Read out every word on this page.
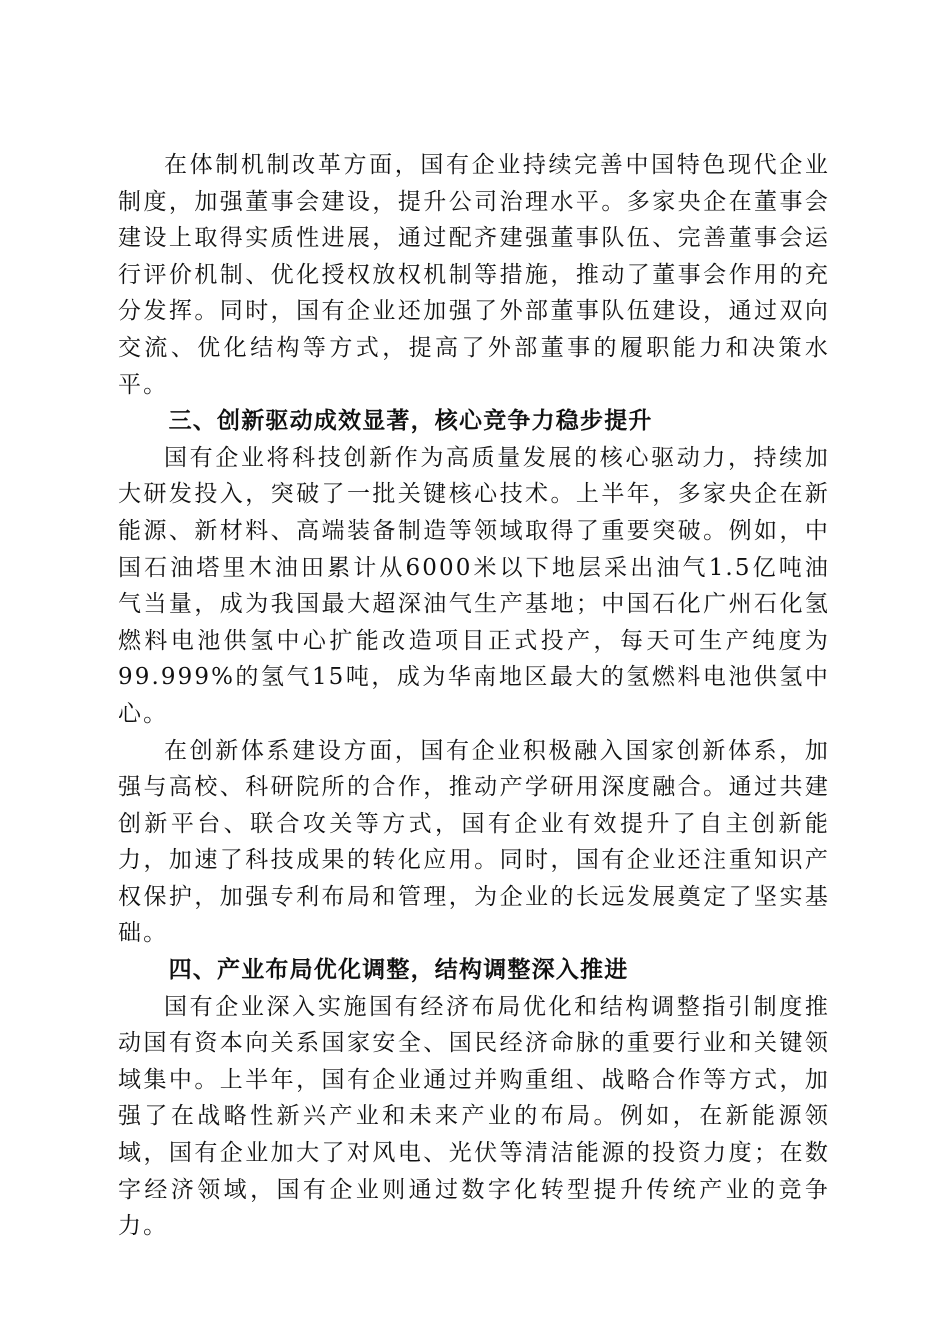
在体制机制改革方面，国有企业持续完善中国特色现代企业制度，加强董事会建设，提升公司治理水平。多家央企在董事会建设上取得实质性进展，通过配齐建强董事队伍、完善董事会运行评价机制、优化授权放权机制等措施，推动了董事会作用的充分发挥。同时，国有企业还加强了外部董事队伍建设，通过双向交流、优化结构等方式，提高了外部董事的履职能力和决策水平。

三、创新驱动成效显著，核心竞争力稳步提升

国有企业将科技创新作为高质量发展的核心驱动力，持续加大研发投入，突破了一批关键核心技术。上半年，多家央企在新能源、新材料、高端装备制造等领域取得了重要突破。例如，中国石油塔里木油田累计从6000米以下地层采出油气1.5亿吨油气当量，成为我国最大超深油气生产基地；中国石化广州石化氢燃料电池供氢中心扩能改造项目正式投产，每天可生产纯度为99.999%的氢气15吨，成为华南地区最大的氢燃料电池供氢中心。

在创新体系建设方面，国有企业积极融入国家创新体系，加强与高校、科研院所的合作，推动产学研用深度融合。通过共建创新平台、联合攻关等方式，国有企业有效提升了自主创新能力，加速了科技成果的转化应用。同时，国有企业还注重知识产权保护，加强专利布局和管理，为企业的长远发展奠定了坚实基础。

四、产业布局优化调整，结构调整深入推进

国有企业深入实施国有经济布局优化和结构调整指引制度推动国有资本向关系国家安全、国民经济命脉的重要行业和关键领域集中。上半年，国有企业通过并购重组、战略合作等方式，加强了在战略性新兴产业和未来产业的布局。例如，在新能源领域，国有企业加大了对风电、光伏等清洁能源的投资力度；在数字经济领域，国有企业则通过数字化转型提升传统产业的竞争力。
